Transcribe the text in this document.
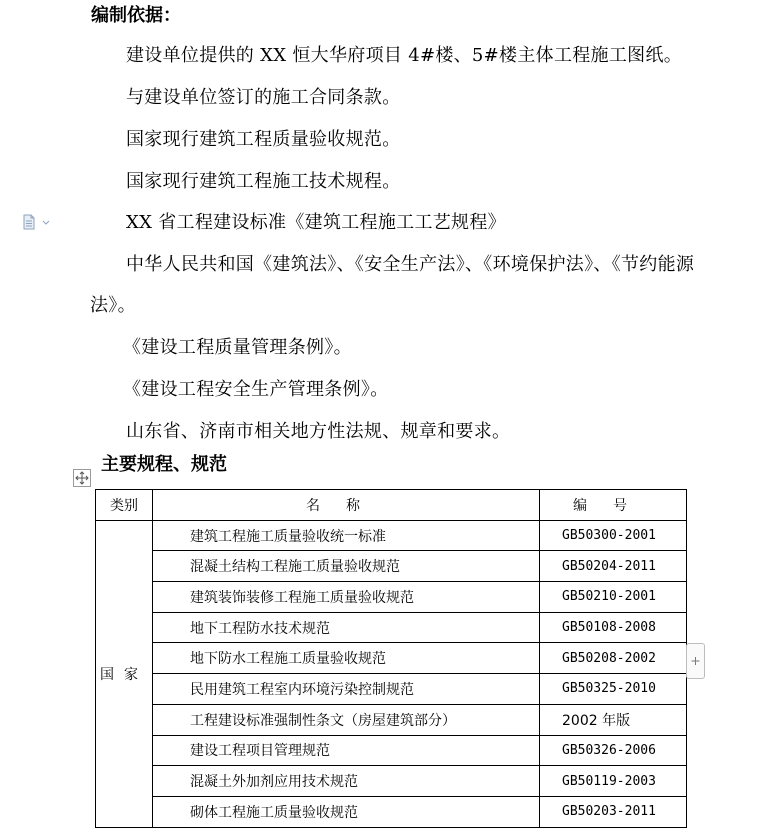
编制依据：
建设单位提供的 XX 恒大华府项目 4#楼、5#楼主体工程施工图纸。
与建设单位签订的施工合同条款。
国家现行建筑工程质量验收规范。
国家现行建筑工程施工技术规程。
XX 省工程建设标准《建筑工程施工工艺规程》
中华人民共和国《建筑法》、《安全生产法》、《环境保护法》、《节约能源
法》。
《建设工程质量管理条例》。
《建设工程安全生产管理条例》。
山东省、济南市相关地方性法规、规章和要求。
主要规程、规范
类别	名称	编号
国家	建筑工程施工质量验收统一标准	GB50300-2001
	混凝土结构工程施工质量验收规范	GB50204-2011
	建筑装饰装修工程施工质量验收规范	GB50210-2001
	地下工程防水技术规范	GB50108-2008
	地下防水工程施工质量验收规范	GB50208-2002
	民用建筑工程室内环境污染控制规范	GB50325-2010
	工程建设标准强制性条文（房屋建筑部分）	2002 年版
	建设工程项目管理规范	GB50326-2006
	混凝土外加剂应用技术规范	GB50119-2003
	砌体工程施工质量验收规范	GB50203-2011
